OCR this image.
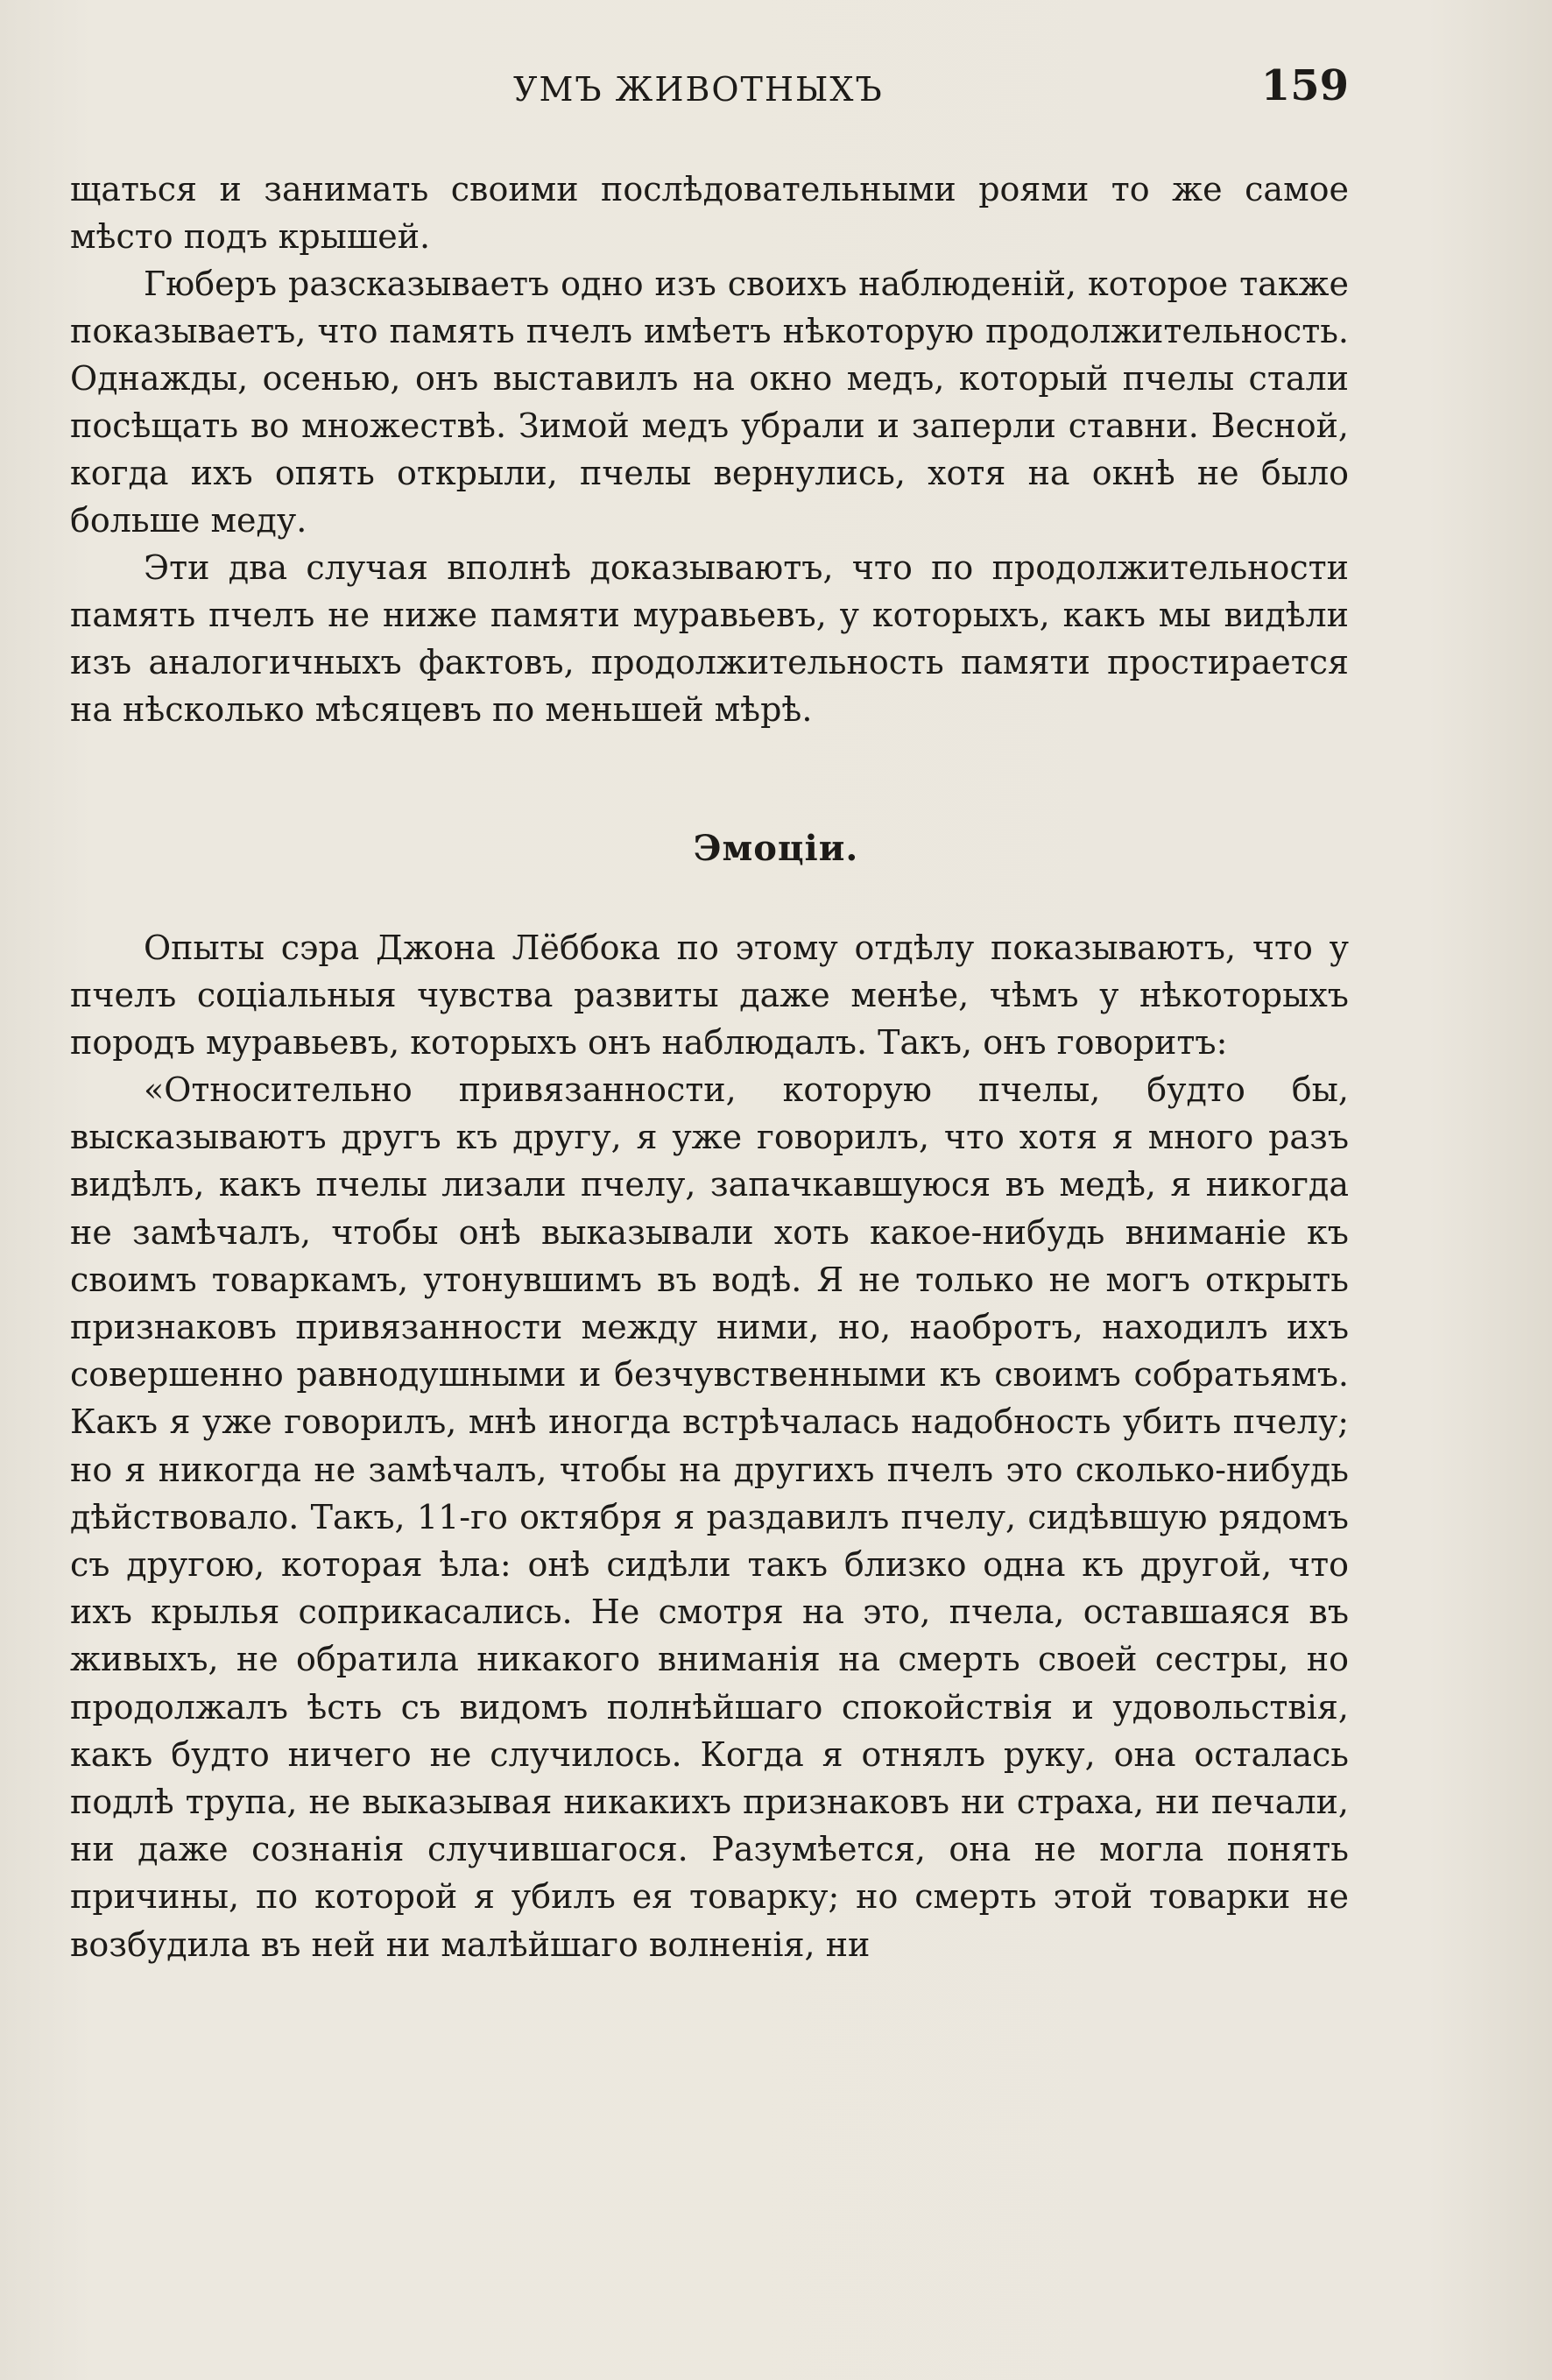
УМЪ ЖИВОТНЫХЪ	159

щаться и занимать своими послѣдовательными роями то же самое мѣсто подъ крышей.

Гюберъ разсказываетъ одно изъ своихъ наблюденій, которое также показываетъ, что память пчелъ имѣетъ нѣкоторую продолжительность. Однажды, осенью, онъ выставилъ на окно медъ, который пчелы стали посѣщать во множествѣ. Зимой медъ убрали и заперли ставни. Весной, когда ихъ опять открыли, пчелы вернулись, хотя на окнѣ не было больше меду.

Эти два случая вполнѣ доказываютъ, что по продолжительности память пчелъ не ниже памяти муравьевъ, у которыхъ, какъ мы видѣли изъ аналогичныхъ фактовъ, продолжительность памяти простирается на нѣсколько мѣсяцевъ по меньшей мѣрѣ.

Эмоціи.

Опыты сэра Джона Лёббока по этому отдѣлу показываютъ, что у пчелъ соціальныя чувства развиты даже менѣе, чѣмъ у нѣкоторыхъ породъ муравьевъ, которыхъ онъ наблюдалъ. Такъ, онъ говоритъ:

«Относительно привязанности, которую пчелы, будто бы, высказываютъ другъ къ другу, я уже говорилъ, что хотя я много разъ видѣлъ, какъ пчелы лизали пчелу, запачкавшуюся въ медѣ, я никогда не замѣчалъ, чтобы онѣ выказывали хоть какое-нибудь вниманіе къ своимъ товаркамъ, утонувшимъ въ водѣ. Я не только не могъ открыть признаковъ привязанности между ними, но, наобротъ, находилъ ихъ совершенно равнодушными и безчувственными къ своимъ собратьямъ. Какъ я уже говорилъ, мнѣ иногда встрѣчалась надобность убить пчелу; но я никогда не замѣчалъ, чтобы на другихъ пчелъ это сколько-нибудь дѣйствовало. Такъ, 11-го октября я раздавилъ пчелу, сидѣвшую рядомъ съ другою, которая ѣла: онѣ сидѣли такъ близко одна къ другой, что ихъ крылья соприкасались. Не смотря на это, пчела, оставшаяся въ живыхъ, не обратила никакого вниманія на смерть своей сестры, но продолжалъ ѣсть съ видомъ полнѣйшаго спокойствія и удовольствія, какъ будто ничего не случилось. Когда я отнялъ руку, она осталась подлѣ трупа, не выказывая никакихъ признаковъ ни страха, ни печали, ни даже сознанія случившагося. Разумѣется, она не могла понять причины, по которой я убилъ ея товарку; но смерть этой товарки не возбудила въ ней ни малѣйшаго волненія, ни
